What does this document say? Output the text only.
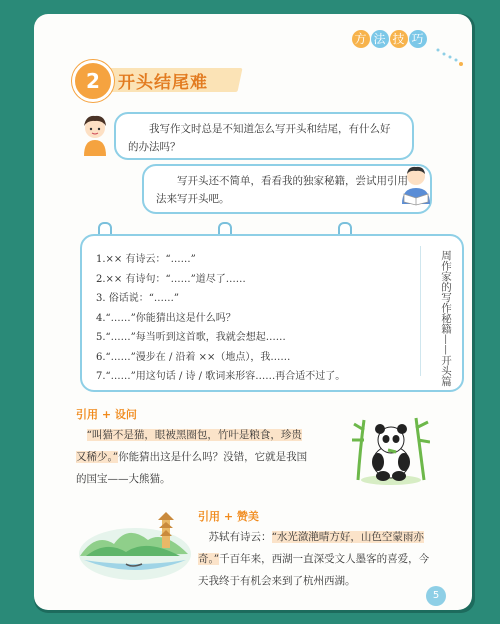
方 法 技 巧
2	开头结尾难
我写作文时总是不知道怎么写开头和结尾，有什么好的办法吗？
写开头还不简单，看看我的独家秘籍，尝试用引用法来写开头吧。
1.×× 有诗云：“……”
2.×× 有诗句：“……”道尽了……
3. 俗话说：“……”
4.“……”你能猜出这是什么吗？
5.“……”每当听到这首歌，我就会想起……
6.“……”漫步在 / 沿着 ××（地点），我……
7.“……”用这句话 / 诗 / 歌词来形容……再合适不过了。	周作家的写作秘籍——开头篇
引用 + 设问
“叫猫不是猫，眼被黑圈包，竹叶是粮食，珍贵
又稀少。”你能猜出这是什么吗？没错，它就是我国
的国宝——大熊猫。
引用 + 赞美
苏轼有诗云：“水光潋滟晴方好，山色空蒙雨亦
奇。”千百年来，西湖一直深受文人墨客的喜爱，今
天我终于有机会来到了杭州西湖。
5
